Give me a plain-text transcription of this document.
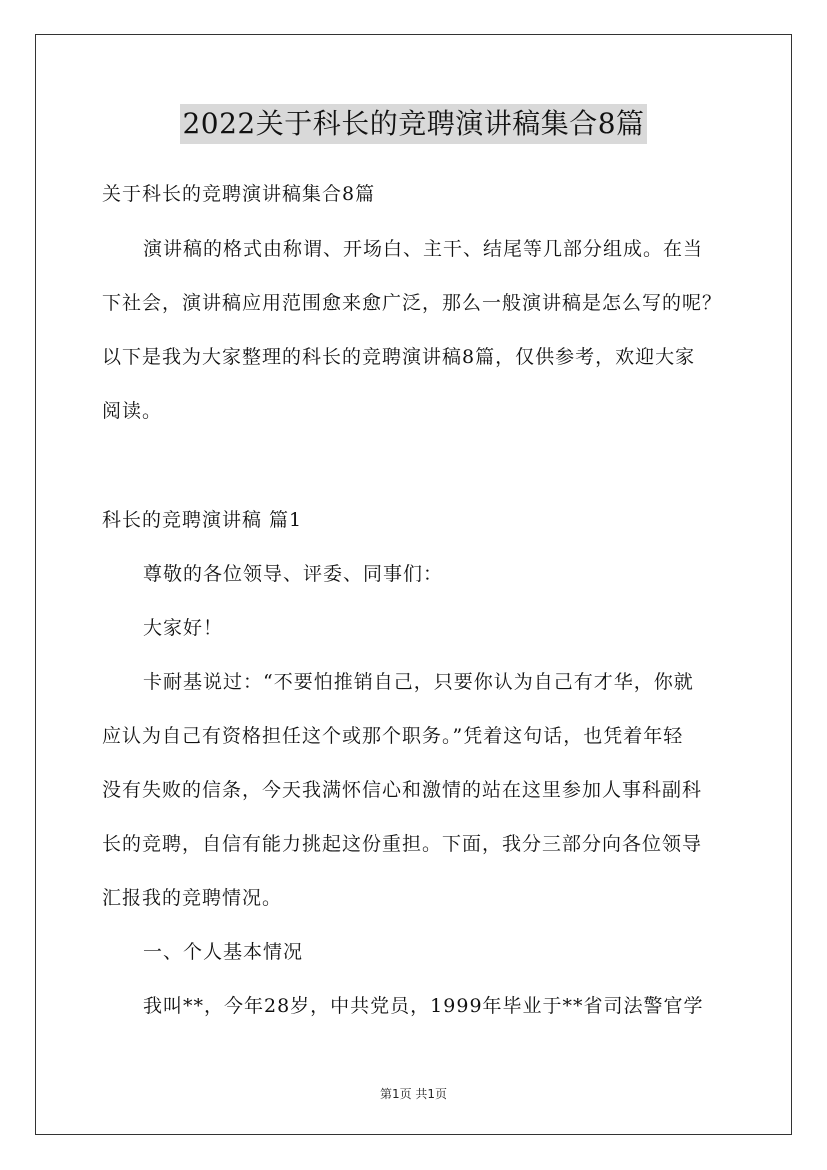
2022关于科长的竞聘演讲稿集合8篇
关于科长的竞聘演讲稿集合8篇
演讲稿的格式由称谓、开场白、主干、结尾等几部分组成。在当
下社会，演讲稿应用范围愈来愈广泛，那么一般演讲稿是怎么写的呢？
以下是我为大家整理的科长的竞聘演讲稿8篇，仅供参考，欢迎大家
阅读。
科长的竞聘演讲稿 篇1
尊敬的各位领导、评委、同事们：
大家好！
卡耐基说过：“不要怕推销自己，只要你认为自己有才华，你就
应认为自己有资格担任这个或那个职务。”凭着这句话，也凭着年轻
没有失败的信条，今天我满怀信心和激情的站在这里参加人事科副科
长的竞聘，自信有能力挑起这份重担。下面，我分三部分向各位领导
汇报我的竞聘情况。
一、个人基本情况
我叫**，今年28岁，中共党员，1999年毕业于**省司法警官学
第1页 共1页
